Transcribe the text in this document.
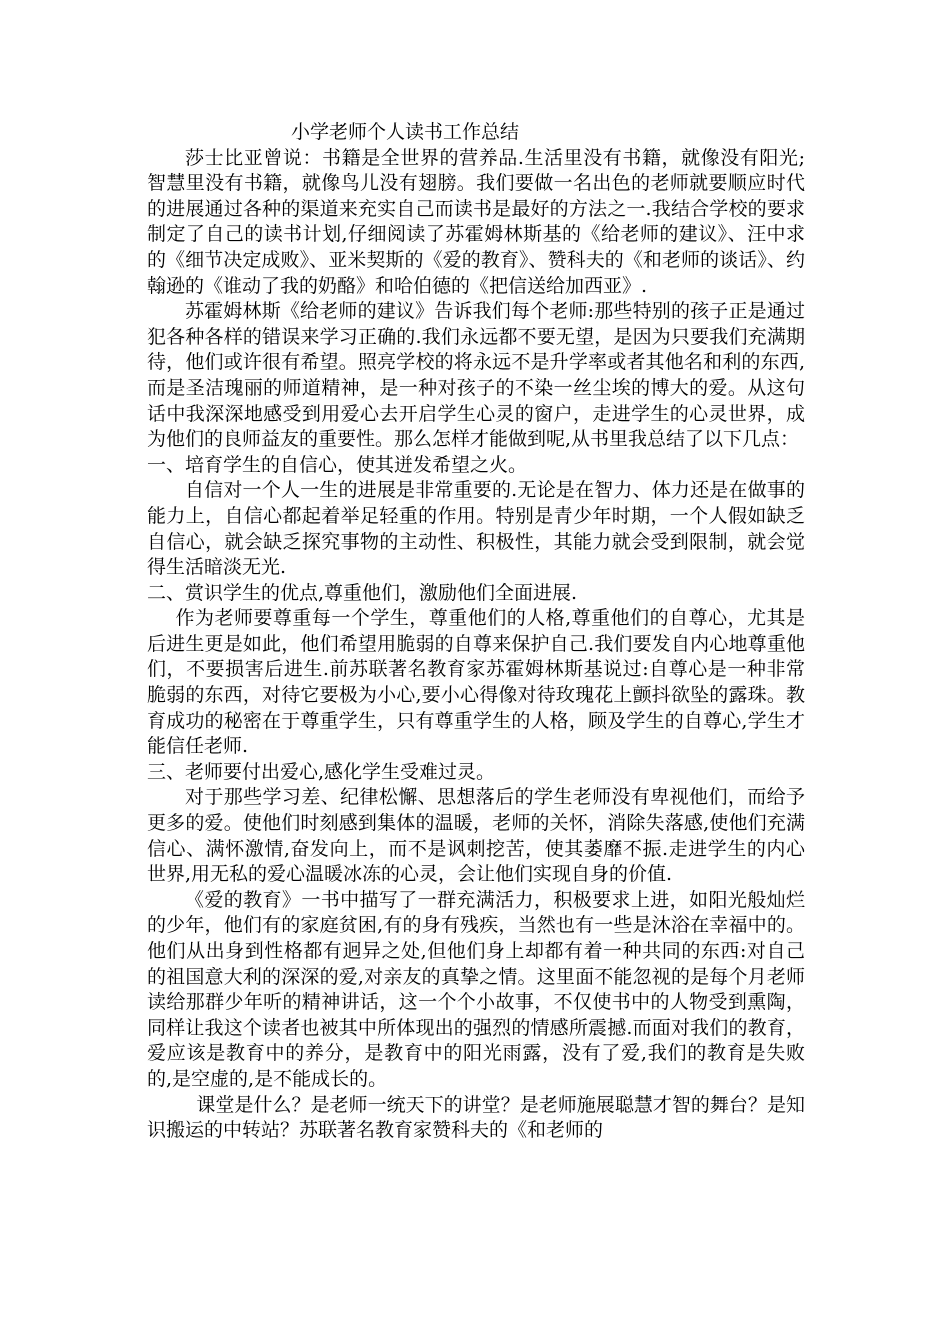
小学老师个人读书工作总结

莎士比亚曾说：书籍是全世界的营养品.生活里没有书籍，就像没有阳光;智慧里没有书籍，就像鸟儿没有翅膀。我们要做一名出色的老师就要顺应时代的进展通过各种的渠道来充实自己而读书是最好的方法之一.我结合学校的要求制定了自己的读书计划,仔细阅读了苏霍姆林斯基的《给老师的建议》、汪中求的《细节决定成败》、亚米契斯的《爱的教育》、赞科夫的《和老师的谈话》、约翰逊的《谁动了我的奶酪》和哈伯德的《把信送给加西亚》.

苏霍姆林斯《给老师的建议》告诉我们每个老师:那些特别的孩子正是通过犯各种各样的错误来学习正确的.我们永远都不要无望，是因为只要我们充满期待，他们或许很有希望。照亮学校的将永远不是升学率或者其他名和利的东西,而是圣洁瑰丽的师道精神，是一种对孩子的不染一丝尘埃的博大的爱。从这句话中我深深地感受到用爱心去开启学生心灵的窗户，走进学生的心灵世界，成为他们的良师益友的重要性。那么怎样才能做到呢,从书里我总结了以下几点：

一、培育学生的自信心，使其迸发希望之火。

自信对一个人一生的进展是非常重要的.无论是在智力、体力还是在做事的能力上，自信心都起着举足轻重的作用。特别是青少年时期，一个人假如缺乏自信心，就会缺乏探究事物的主动性、积极性，其能力就会受到限制，就会觉得生活暗淡无光.

二、赏识学生的优点,尊重他们，激励他们全面进展.

作为老师要尊重每一个学生，尊重他们的人格,尊重他们的自尊心，尤其是后进生更是如此，他们希望用脆弱的自尊来保护自己.我们要发自内心地尊重他们，不要损害后进生.前苏联著名教育家苏霍姆林斯基说过:自尊心是一种非常脆弱的东西，对待它要极为小心,要小心得像对待玫瑰花上颤抖欲坠的露珠。教育成功的秘密在于尊重学生，只有尊重学生的人格，顾及学生的自尊心,学生才能信任老师.

三、老师要付出爱心,感化学生受难过灵。

对于那些学习差、纪律松懈、思想落后的学生老师没有卑视他们，而给予更多的爱。使他们时刻感到集体的温暖，老师的关怀，消除失落感,使他们充满信心、满怀激情,奋发向上，而不是讽刺挖苦，使其萎靡不振.走进学生的内心世界,用无私的爱心温暖冰冻的心灵，会让他们实现自身的价值.

《爱的教育》一书中描写了一群充满活力，积极要求上进，如阳光般灿烂的少年，他们有的家庭贫困,有的身有残疾，当然也有一些是沐浴在幸福中的。他们从出身到性格都有迥异之处,但他们身上却都有着一种共同的东西:对自己的祖国意大利的深深的爱,对亲友的真挚之情。这里面不能忽视的是每个月老师读给那群少年听的精神讲话，这一个个小故事，不仅使书中的人物受到熏陶，同样让我这个读者也被其中所体现出的强烈的情感所震撼.而面对我们的教育，爱应该是教育中的养分，是教育中的阳光雨露，没有了爱,我们的教育是失败的,是空虚的,是不能成长的。

课堂是什么？是老师一统天下的讲堂？是老师施展聪慧才智的舞台？是知识搬运的中转站？苏联著名教育家赞科夫的《和老师的
